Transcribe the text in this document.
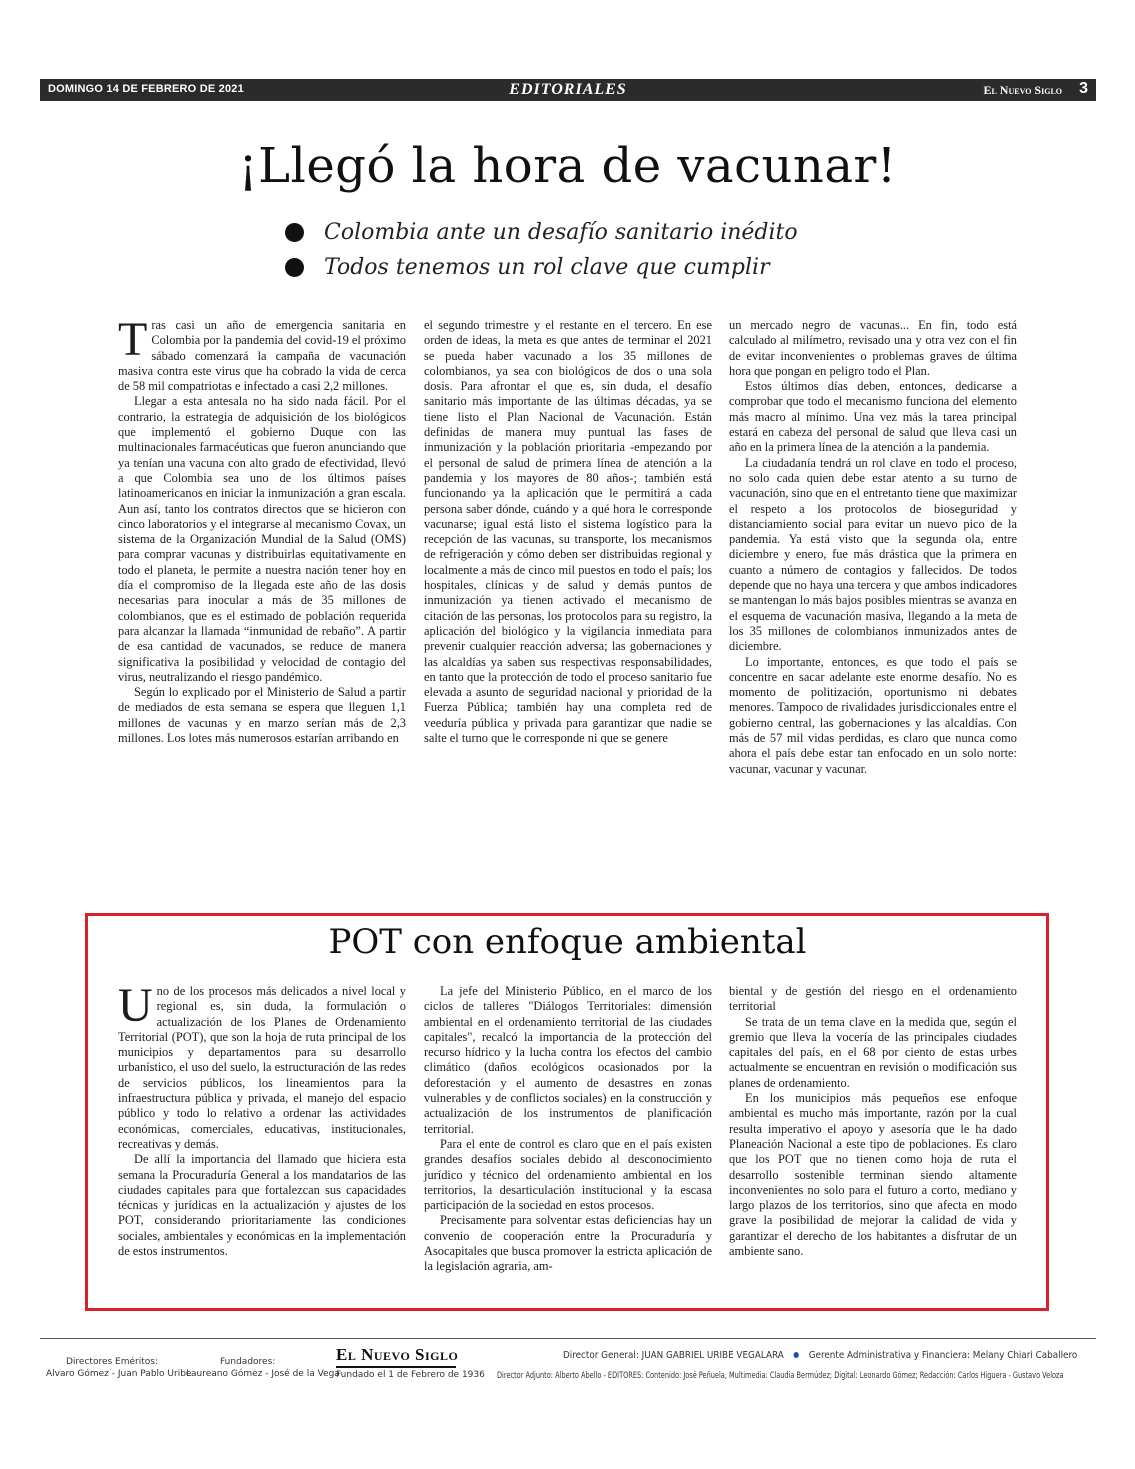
DOMINGO 14 DE FEBRERO DE 2021	EDITORIALES	El Nuevo Siglo 3
¡Llegó la hora de vacunar!
Colombia ante un desafío sanitario inédito
Todos tenemos un rol clave que cumplir

Tras casi un año de emergencia sanitaria en Colombia por la pandemia del covid-19 el próximo sábado comenzará la campaña de vacunación masiva contra este virus que ha cobrado la vida de cerca de 58 mil compatriotas e infectado a casi 2,2 millones.

Llegar a esta antesala no ha sido nada fácil. Por el contrario, la estrategia de adquisición de los biológicos que implementó el gobierno Duque con las multinacionales farmacéuticas que fueron anunciando que ya tenían una vacuna con alto grado de efectividad, llevó a que Colombia sea uno de los últimos países latinoamericanos en iniciar la inmunización a gran escala. Aun así, tanto los contratos directos que se hicieron con cinco laboratorios y el integrarse al mecanismo Covax, un sistema de la Organización Mundial de la Salud (OMS) para comprar vacunas y distribuirlas equitativamente en todo el planeta, le permite a nuestra nación tener hoy en día el compromiso de la llegada este año de las dosis necesarias para inocular a más de 35 millones de colombianos, que es el estimado de población requerida para alcanzar la llamada “inmunidad de rebaño”. A partir de esa cantidad de vacunados, se reduce de manera significativa la posibilidad y velocidad de contagio del virus, neutralizando el riesgo pandémico.

Según lo explicado por el Ministerio de Salud a partir de mediados de esta semana se espera que lleguen 1,1 millones de vacunas y en marzo serían más de 2,3 millones. Los lotes más numerosos estarían arribando en

el segundo trimestre y el restante en el tercero. En ese orden de ideas, la meta es que antes de terminar el 2021 se pueda haber vacunado a los 35 millones de colombianos, ya sea con biológicos de dos o una sola dosis. Para afrontar el que es, sin duda, el desafío sanitario más importante de las últimas décadas, ya se tiene listo el Plan Nacional de Vacunación. Están definidas de manera muy puntual las fases de inmunización y la población prioritaria -empezando por el personal de salud de primera línea de atención a la pandemia y los mayores de 80 años-; también está funcionando ya la aplicación que le permitirá a cada persona saber dónde, cuándo y a qué hora le corresponde vacunarse; igual está listo el sistema logístico para la recepción de las vacunas, su transporte, los mecanismos de refrigeración y cómo deben ser distribuidas regional y localmente a más de cinco mil puestos en todo el país; los hospitales, clínicas y de salud y demás puntos de inmunización ya tienen activado el mecanismo de citación de las personas, los protocolos para su registro, la aplicación del biológico y la vigilancia inmediata para prevenir cualquier reacción adversa; las gobernaciones y las alcaldías ya saben sus respectivas responsabilidades, en tanto que la protección de todo el proceso sanitario fue elevada a asunto de seguridad nacional y prioridad de la Fuerza Pública; también hay una completa red de veeduría pública y privada para garantizar que nadie se salte el turno que le corresponde ni que se genere

un mercado negro de vacunas... En fin, todo está calculado al milímetro, revisado una y otra vez con el fin de evitar inconvenientes o problemas graves de última hora que pongan en peligro todo el Plan.

Estos últimos días deben, entonces, dedicarse a comprobar que todo el mecanismo funciona del elemento más macro al mínimo. Una vez más la tarea principal estará en cabeza del personal de salud que lleva casi un año en la primera línea de la atención a la pandemia.

La ciudadanía tendrá un rol clave en todo el proceso, no solo cada quien debe estar atento a su turno de vacunación, sino que en el entretanto tiene que maximizar el respeto a los protocolos de bioseguridad y distanciamiento social para evitar un nuevo pico de la pandemia. Ya está visto que la segunda ola, entre diciembre y enero, fue más drástica que la primera en cuanto a número de contagios y fallecidos. De todos depende que no haya una tercera y que ambos indicadores se mantengan lo más bajos posibles mientras se avanza en el esquema de vacunación masiva, llegando a la meta de los 35 millones de colombianos inmunizados antes de diciembre.

Lo importante, entonces, es que todo el país se concentre en sacar adelante este enorme desafío. No es momento de politización, oportunismo ni debates menores. Tampoco de rivalidades jurisdiccionales entre el gobierno central, las gobernaciones y las alcaldías. Con más de 57 mil vidas perdidas, es claro que nunca como ahora el país debe estar tan enfocado en un solo norte: vacunar, vacunar y vacunar.

POT con enfoque ambiental

Uno de los procesos más delicados a nivel local y regional es, sin duda, la formulación o actualización de los Planes de Ordenamiento Territorial (POT), que son la hoja de ruta principal de los municipios y departamentos para su desarrollo urbanístico, el uso del suelo, la estructuración de las redes de servicios públicos, los lineamientos para la infraestructura pública y privada, el manejo del espacio público y todo lo relativo a ordenar las actividades económicas, comerciales, educativas, institucionales, recreativas y demás.

De allí la importancia del llamado que hiciera esta semana la Procuraduría General a los mandatarios de las ciudades capitales para que fortalezcan sus capacidades técnicas y jurídicas en la actualización y ajustes de los POT, considerando prioritariamente las condiciones sociales, ambientales y económicas en la implementación de estos instrumentos.

La jefe del Ministerio Público, en el marco de los ciclos de talleres "Diálogos Territoriales: dimensión ambiental en el ordenamiento territorial de las ciudades capitales", recalcó la importancia de la protección del recurso hídrico y la lucha contra los efectos del cambio climático (daños ecológicos ocasionados por la deforestación y el aumento de desastres en zonas vulnerables y de conflictos sociales) en la construcción y actualización de los instrumentos de planificación territorial.

Para el ente de control es claro que en el país existen grandes desafíos sociales debido al desconocimiento jurídico y técnico del ordenamiento ambiental en los territorios, la desarticulación institucional y la escasa participación de la sociedad en estos procesos.

Precisamente para solventar estas deficiencias hay un convenio de cooperación entre la Procuraduría y Asocapitales que busca promover la estricta aplicación de la legislación agraria, am-

biental y de gestión del riesgo en el ordenamiento territorial

Se trata de un tema clave en la medida que, según el gremio que lleva la vocería de las principales ciudades capitales del país, en el 68 por ciento de estas urbes actualmente se encuentran en revisión o modificación sus planes de ordenamiento.

En los municipios más pequeños ese enfoque ambiental es mucho más importante, razón por la cual resulta imperativo el apoyo y asesoría que le ha dado Planeación Nacional a este tipo de poblaciones. Es claro que los POT que no tienen como hoja de ruta el desarrollo sostenible terminan siendo altamente inconvenientes no solo para el futuro a corto, mediano y largo plazos de los territorios, sino que afecta en modo grave la posibilidad de mejorar la calidad de vida y garantizar el derecho de los habitantes a disfrutar de un ambiente sano.

Directores Eméritos:
Alvaro Gómez - Juan Pablo Uribe
Fundadores:
Laureano Gómez - José de la Vega
El Nuevo Siglo
Fundado el 1 de Febrero de 1936
Director General: JUAN GABRIEL URIBE VEGALARA Gerente Administrativa y Financiera: Melany Chiari Caballero
Director Adjunto: Alberto Abello - EDITORES: Contenido: José Peñuela, Multimedia: Claudia Bermúdez; Digital: Leonardo Gómez; Redacción: Carlos Higuera - Gustavo Veloza
